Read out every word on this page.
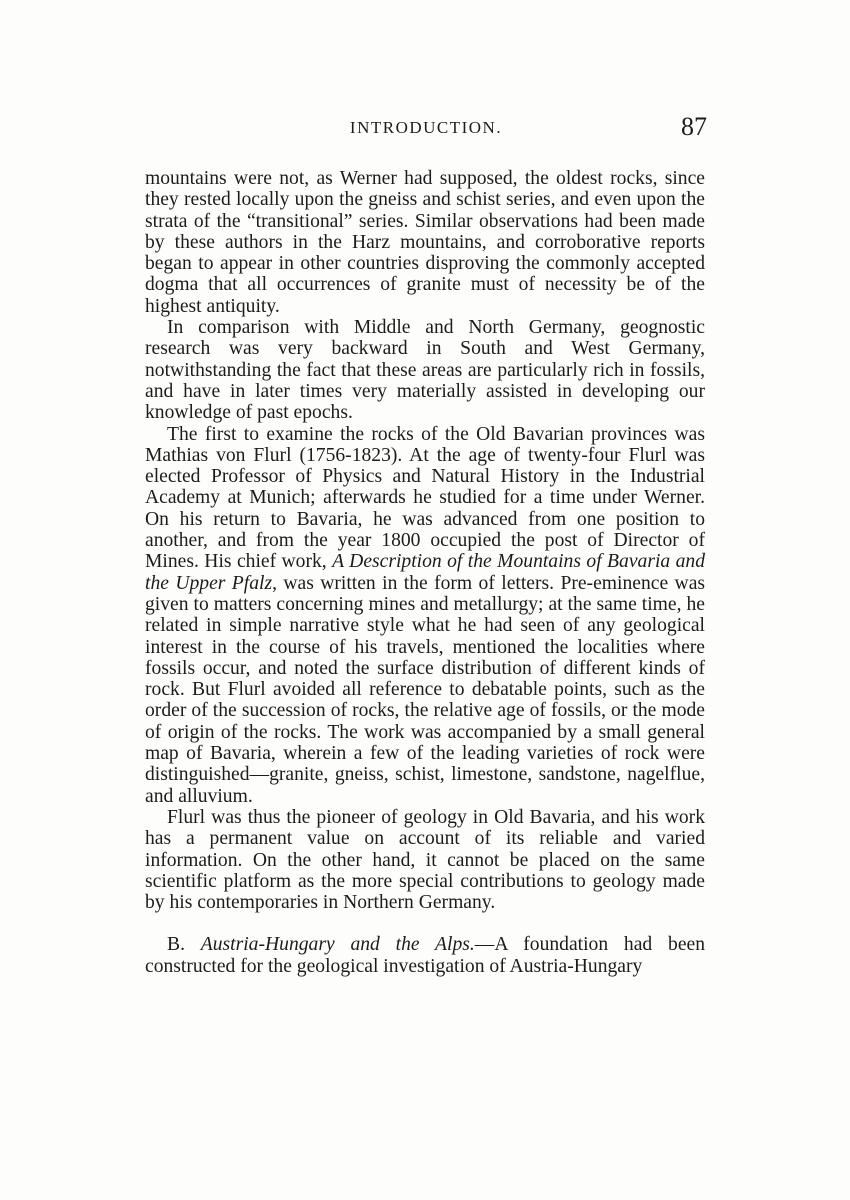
INTRODUCTION.	87

mountains were not, as Werner had supposed, the oldest rocks, since they rested locally upon the gneiss and schist series, and even upon the strata of the “transitional” series. Similar observations had been made by these authors in the Harz mountains, and corroborative reports began to appear in other countries disproving the commonly accepted dogma that all occurrences of granite must of necessity be of the highest antiquity.

In comparison with Middle and North Germany, geognostic research was very backward in South and West Germany, notwithstanding the fact that these areas are particularly rich in fossils, and have in later times very materially assisted in developing our knowledge of past epochs.

The first to examine the rocks of the Old Bavarian provinces was Mathias von Flurl (1756-1823). At the age of twenty-four Flurl was elected Professor of Physics and Natural History in the Industrial Academy at Munich; afterwards he studied for a time under Werner. On his return to Bavaria, he was advanced from one position to another, and from the year 1800 occupied the post of Director of Mines. His chief work, A Description of the Mountains of Bavaria and the Upper Pfalz, was written in the form of letters. Pre-eminence was given to matters concerning mines and metallurgy; at the same time, he related in simple narrative style what he had seen of any geological interest in the course of his travels, mentioned the localities where fossils occur, and noted the surface distribution of different kinds of rock. But Flurl avoided all reference to debatable points, such as the order of the succession of rocks, the relative age of fossils, or the mode of origin of the rocks. The work was accompanied by a small general map of Bavaria, wherein a few of the leading varieties of rock were distinguished—granite, gneiss, schist, limestone, sandstone, nagelflue, and alluvium.

Flurl was thus the pioneer of geology in Old Bavaria, and his work has a permanent value on account of its reliable and varied information. On the other hand, it cannot be placed on the same scientific platform as the more special contributions to geology made by his contemporaries in Northern Germany.

B. Austria-Hungary and the Alps.—A foundation had been constructed for the geological investigation of Austria-Hungary
